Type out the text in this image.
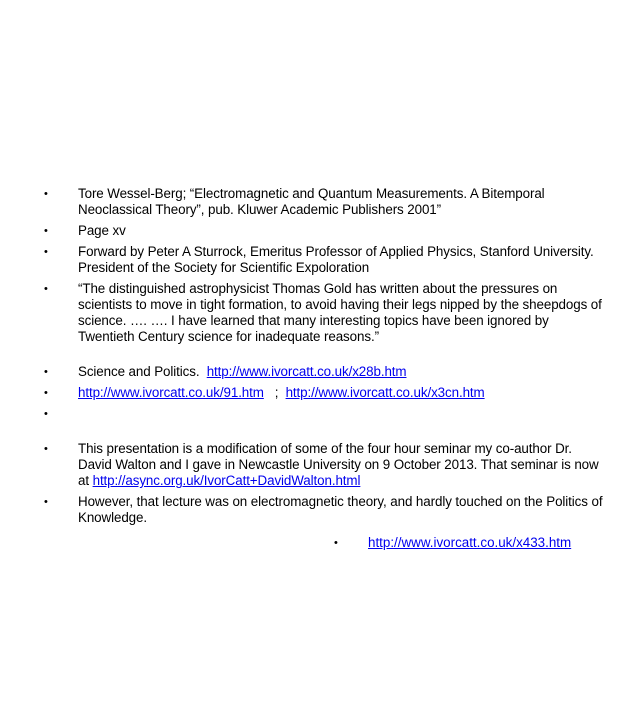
• Tore Wessel-Berg; “Electromagnetic and Quantum Measurements. A Bitemporal Neoclassical Theory”, pub. Kluwer Academic Publishers 2001”
• Page xv
• Forward by Peter A Sturrock, Emeritus Professor of Applied Physics, Stanford University. President of the Society for Scientific Expoloration
• “The distinguished astrophysicist Thomas Gold has written about the pressures on scientists to move in tight formation, to avoid having their legs nipped by the sheepdogs of science. …. …. I have learned that many interesting topics have been ignored by Twentieth Century science for inadequate reasons.”
• Science and Politics.  http://www.ivorcatt.co.uk/x28b.htm
• http://www.ivorcatt.co.uk/91.htm   ;  http://www.ivorcatt.co.uk/x3cn.htm
•
• This presentation is a modification of some of the four hour seminar my co-author Dr. David Walton and I gave in Newcastle University on 9 October 2013. That seminar is now at http://async.org.uk/IvorCatt+DavidWalton.html
• However, that lecture was on electromagnetic theory, and hardly touched on the Politics of Knowledge.
• http://www.ivorcatt.co.uk/x433.htm
